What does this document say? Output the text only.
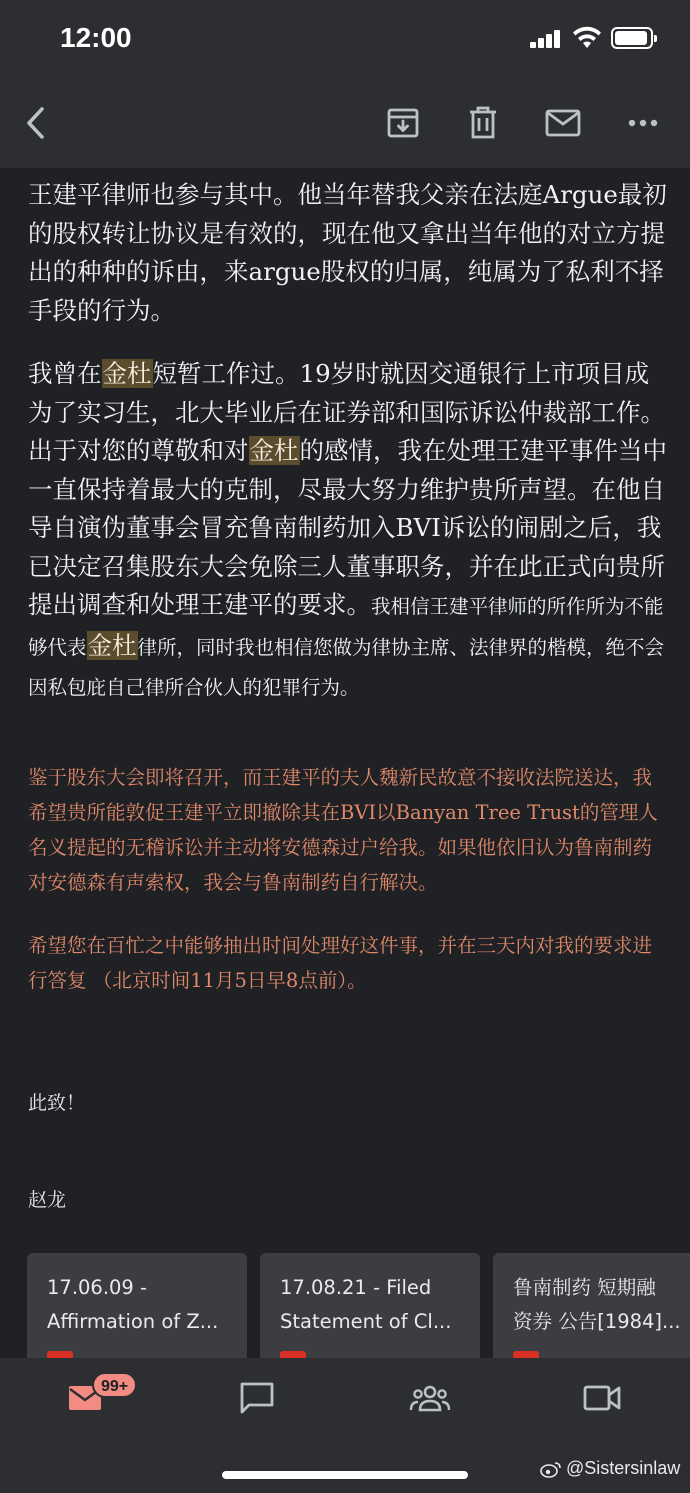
12:00
王建平律师也参与其中。他当年替我父亲在法庭Argue最初的股权转让协议是有效的，现在他又拿出当年他的对立方提出的种种的诉由，来argue股权的归属，纯属为了私利不择手段的行为。
我曾在金杜短暂工作过。19岁时就因交通银行上市项目成为了实习生，北大毕业后在证券部和国际诉讼仲裁部工作。出于对您的尊敬和对金杜的感情，我在处理王建平事件当中一直保持着最大的克制，尽最大努力维护贵所声望。在他自导自演伪董事会冒充鲁南制药加入BVI诉讼的闹剧之后，我已决定召集股东大会免除三人董事职务，并在此正式向贵所提出调查和处理王建平的要求。我相信王建平律师的所作所为不能够代表金杜律所，同时我也相信您做为律协主席、法律界的楷模，绝不会因私包庇自己律所合伙人的犯罪行为。
鉴于股东大会即将召开，而王建平的夫人魏新民故意不接收法院送达，我希望贵所能敦促王建平立即撤除其在BVI以Banyan Tree Trust的管理人名义提起的无稽诉讼并主动将安德森过户给我。如果他依旧认为鲁南制药对安德森有声索权，我会与鲁南制药自行解决。
希望您在百忙之中能够抽出时间处理好这件事，并在三天内对我的要求进行答复 （北京时间11月5日早8点前）。
此致！
赵龙
17.06.09 -
Affirmation of Z...
17.08.21 - Filed
Statement of Cl...
鲁南制药 短期融
资券 公告[1984]...
99+
@Sistersinlaw
